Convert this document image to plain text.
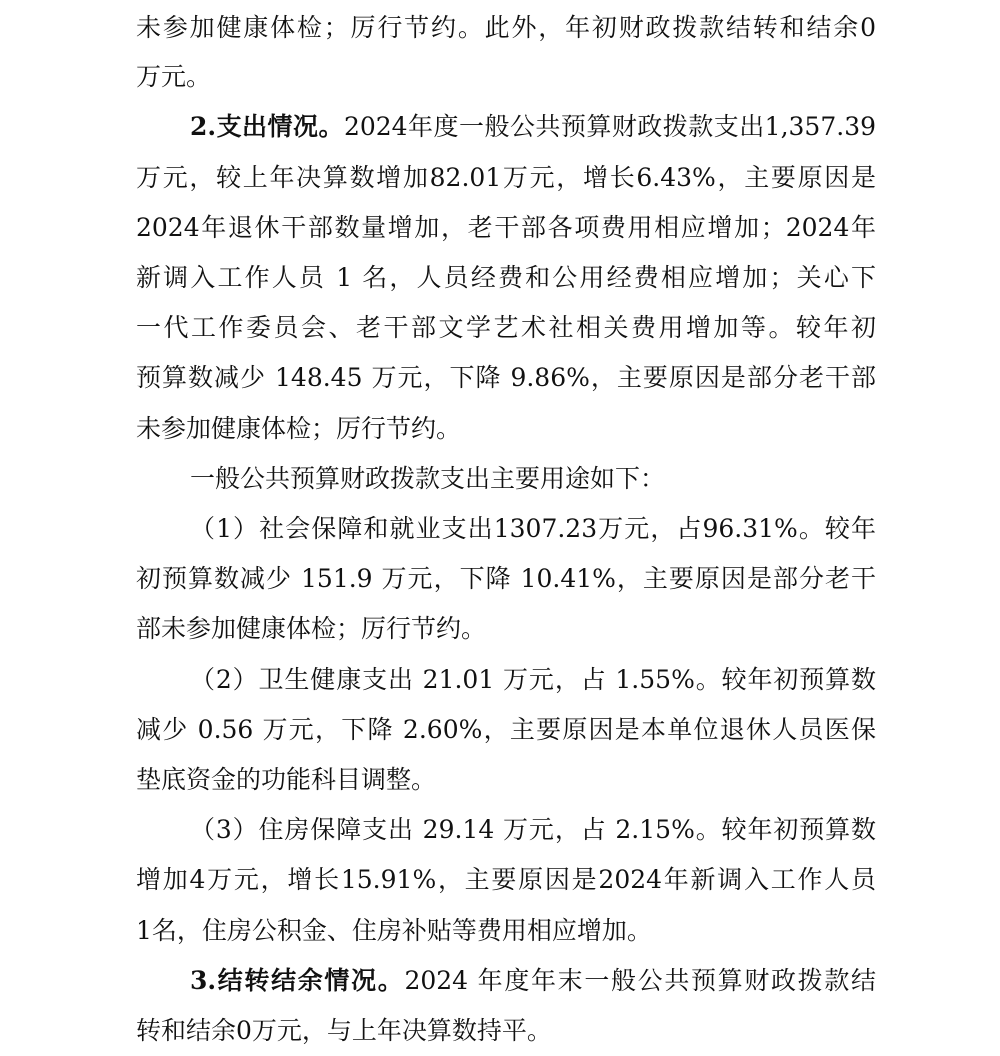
未参加健康体检；厉行节约。此外，年初财政拨款结转和结余0
万元。
2.支出情况。2024年度一般公共预算财政拨款支出1,357.39
万元，较上年决算数增加82.01万元，增长6.43%，主要原因是
2024年退休干部数量增加，老干部各项费用相应增加；2024年
新调入工作人员 1 名，人员经费和公用经费相应增加；关心下
一代工作委员会、老干部文学艺术社相关费用增加等。较年初
预算数减少 148.45 万元，下降 9.86%，主要原因是部分老干部
未参加健康体检；厉行节约。
一般公共预算财政拨款支出主要用途如下：
（1）社会保障和就业支出1307.23万元，占96.31%。较年
初预算数减少 151.9 万元，下降 10.41%，主要原因是部分老干
部未参加健康体检；厉行节约。
（2）卫生健康支出 21.01 万元，占 1.55%。较年初预算数
减少 0.56 万元，下降 2.60%，主要原因是本单位退休人员医保
垫底资金的功能科目调整。
（3）住房保障支出 29.14 万元，占 2.15%。较年初预算数
增加4万元，增长15.91%，主要原因是2024年新调入工作人员
1名，住房公积金、住房补贴等费用相应增加。
3.结转结余情况。2024 年度年末一般公共预算财政拨款结
转和结余0万元，与上年决算数持平。
